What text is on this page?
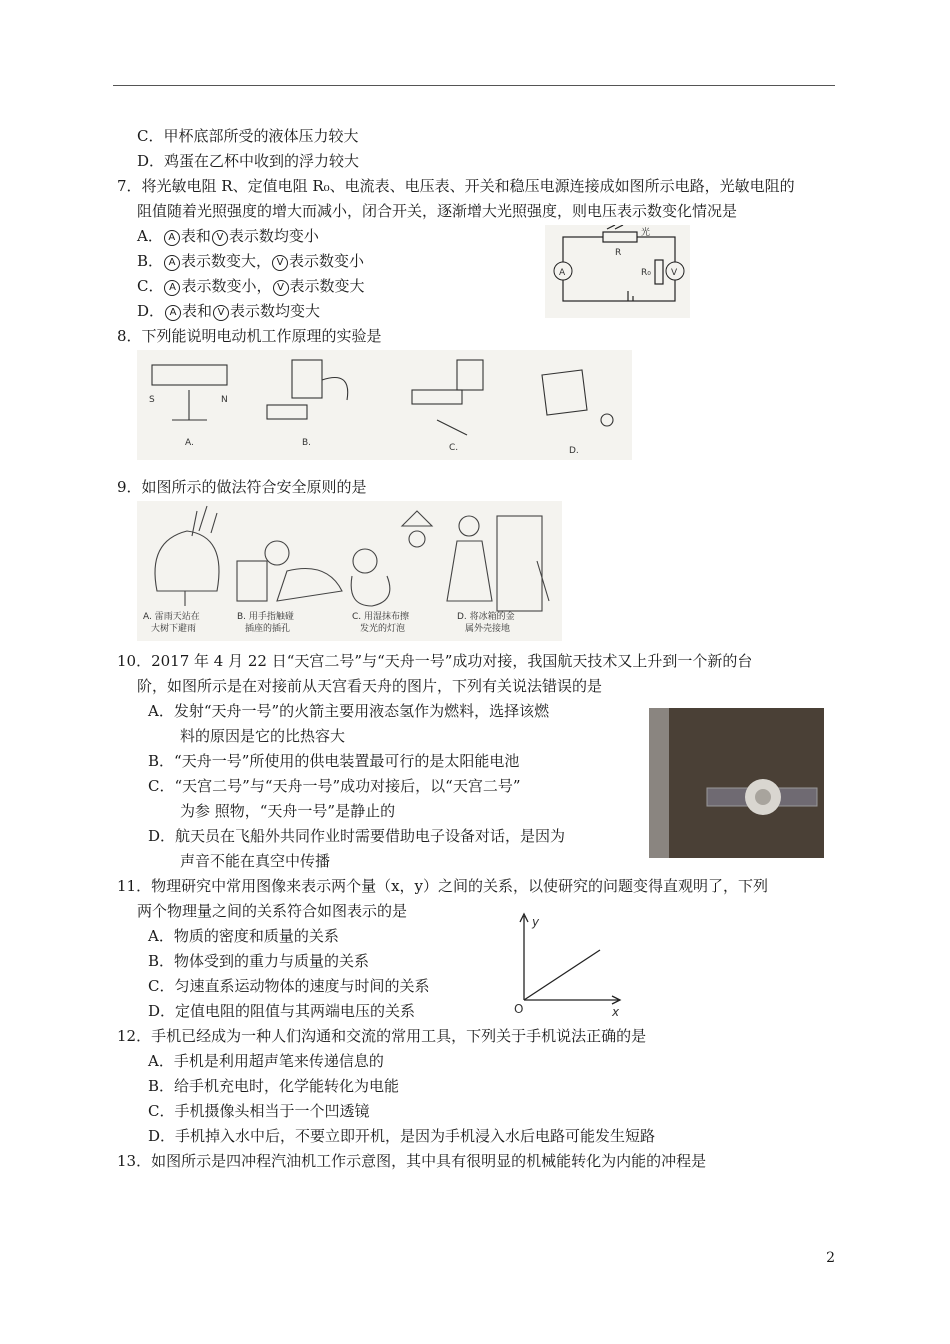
C．甲杯底部所受的液体压力较大
D．鸡蛋在乙杯中收到的浮力较大
7．将光敏电阻 R、定值电阻 R₀、电流表、电压表、开关和稳压电源连接成如图所示电路，光敏电阻的
阻值随着光照强度的增大而减小，闭合开关，逐渐增大光照强度，则电压表示数变化情况是
A． A 表和 V 表示数均变小
B． A 表示数变大， V 表示数变小
C． A 表示数变小， V 表示数变大
D． A 表和 V 表示数均变大
A	V
光
R
R₀
8．下列能说明电动机工作原理的实验是
A.	B.	C.	D.
S	N
9．如图所示的做法符合安全原则的是
A. 雷雨天站在
大树下避雨
B. 用手指触碰
插座的插孔
C. 用湿抹布擦
发光的灯泡
D. 将冰箱的金
属外壳接地
10．2017 年 4 月 22 日“天宫二号”与“天舟一号”成功对接，我国航天技术又上升到一个新的台
阶，如图所示是在对接前从天宫看天舟的图片，下列有关说法错误的是
A．发射“天舟一号”的火箭主要用液态氢作为燃料，选择该燃
料的原因是它的比热容大
B．“天舟一号”所使用的供电装置最可行的是太阳能电池
C．“天宫二号”与“天舟一号”成功对接后，以“天宫二号”
为参 照物，“天舟一号”是静止的
D．航天员在飞船外共同作业时需要借助电子设备对话，是因为
声音不能在真空中传播
11．物理研究中常用图像来表示两个量（x，y）之间的关系，以使研究的问题变得直观明了，下列
两个物理量之间的关系符合如图表示的是
A．物质的密度和质量的关系
B．物体受到的重力与质量的关系
C．匀速直系运动物体的速度与时间的关系
D．定值电阻的阻值与其两端电压的关系
y
x
O
12．手机已经成为一种人们沟通和交流的常用工具，下列关于手机说法正确的是
A．手机是利用超声笔来传递信息的
B．给手机充电时，化学能转化为电能
C．手机摄像头相当于一个凹透镜
D．手机掉入水中后，不要立即开机，是因为手机浸入水后电路可能发生短路
13．如图所示是四冲程汽油机工作示意图，其中具有很明显的机械能转化为内能的冲程是
2
